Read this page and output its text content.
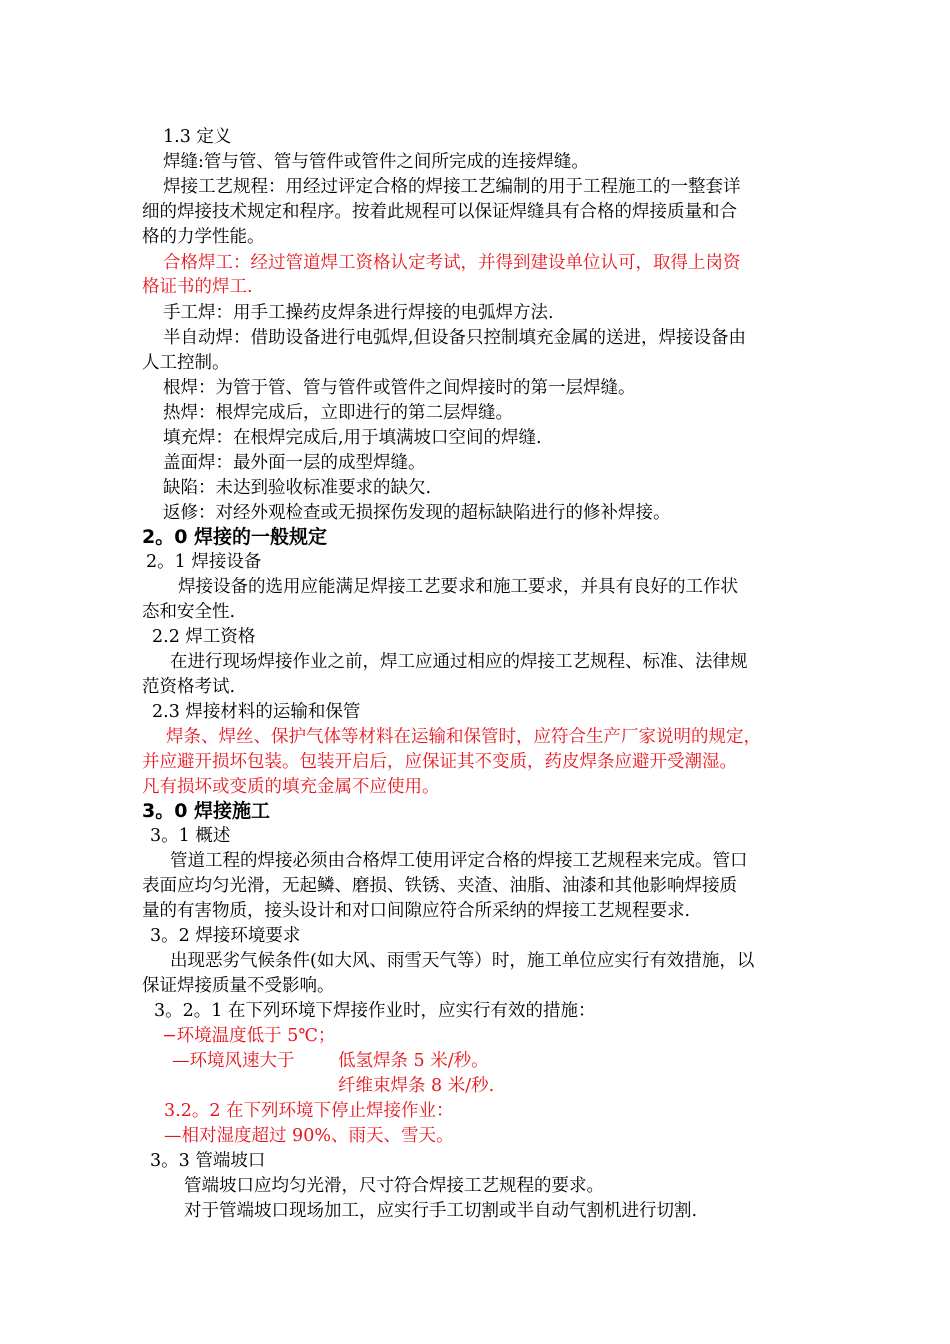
1.3 定义
焊缝:管与管、管与管件或管件之间所完成的连接焊缝。
焊接工艺规程：用经过评定合格的焊接工艺编制的用于工程施工的一整套详
细的焊接技术规定和程序。按着此规程可以保证焊缝具有合格的焊接质量和合
格的力学性能。
合格焊工：经过管道焊工资格认定考试，并得到建设单位认可，取得上岗资
格证书的焊工.
手工焊：用手工操药皮焊条进行焊接的电弧焊方法.
半自动焊：借助设备进行电弧焊,但设备只控制填充金属的送进，焊接设备由
人工控制。
根焊：为管于管、管与管件或管件之间焊接时的第一层焊缝。
热焊：根焊完成后，立即进行的第二层焊缝。
填充焊：在根焊完成后,用于填满坡口空间的焊缝.
盖面焊：最外面一层的成型焊缝。
缺陷：未达到验收标准要求的缺欠.
返修：对经外观检查或无损探伤发现的超标缺陷进行的修补焊接。
2。0 焊接的一般规定
2。1 焊接设备
焊接设备的选用应能满足焊接工艺要求和施工要求，并具有良好的工作状
态和安全性.
2.2 焊工资格
在进行现场焊接作业之前，焊工应通过相应的焊接工艺规程、标准、法律规
范资格考试.
2.3 焊接材料的运输和保管
焊条、焊丝、保护气体等材料在运输和保管时，应符合生产厂家说明的规定，
并应避开损坏包装。包装开启后，应保证其不变质，药皮焊条应避开受潮湿。
凡有损坏或变质的填充金属不应使用。
3。0 焊接施工
3。1 概述
管道工程的焊接必须由合格焊工使用评定合格的焊接工艺规程来完成。管口
表面应均匀光滑，无起鳞、磨损、铁锈、夹渣、油脂、油漆和其他影响焊接质
量的有害物质，接头设计和对口间隙应符合所采纳的焊接工艺规程要求.
3。2 焊接环境要求
出现恶劣气候条件(如大风、雨雪天气等）时，施工单位应实行有效措施，以
保证焊接质量不受影响。
3。2。1 在下列环境下焊接作业时，应实行有效的措施：
−环境温度低于 5℃；
—环境风速大于 低氢焊条 5 米/秒。
纤维束焊条 8 米/秒.
3.2。2 在下列环境下停止焊接作业：
—相对湿度超过 90%、雨天、雪天。
3。3 管端坡口
管端坡口应均匀光滑，尺寸符合焊接工艺规程的要求。
对于管端坡口现场加工，应实行手工切割或半自动气割机进行切割.
